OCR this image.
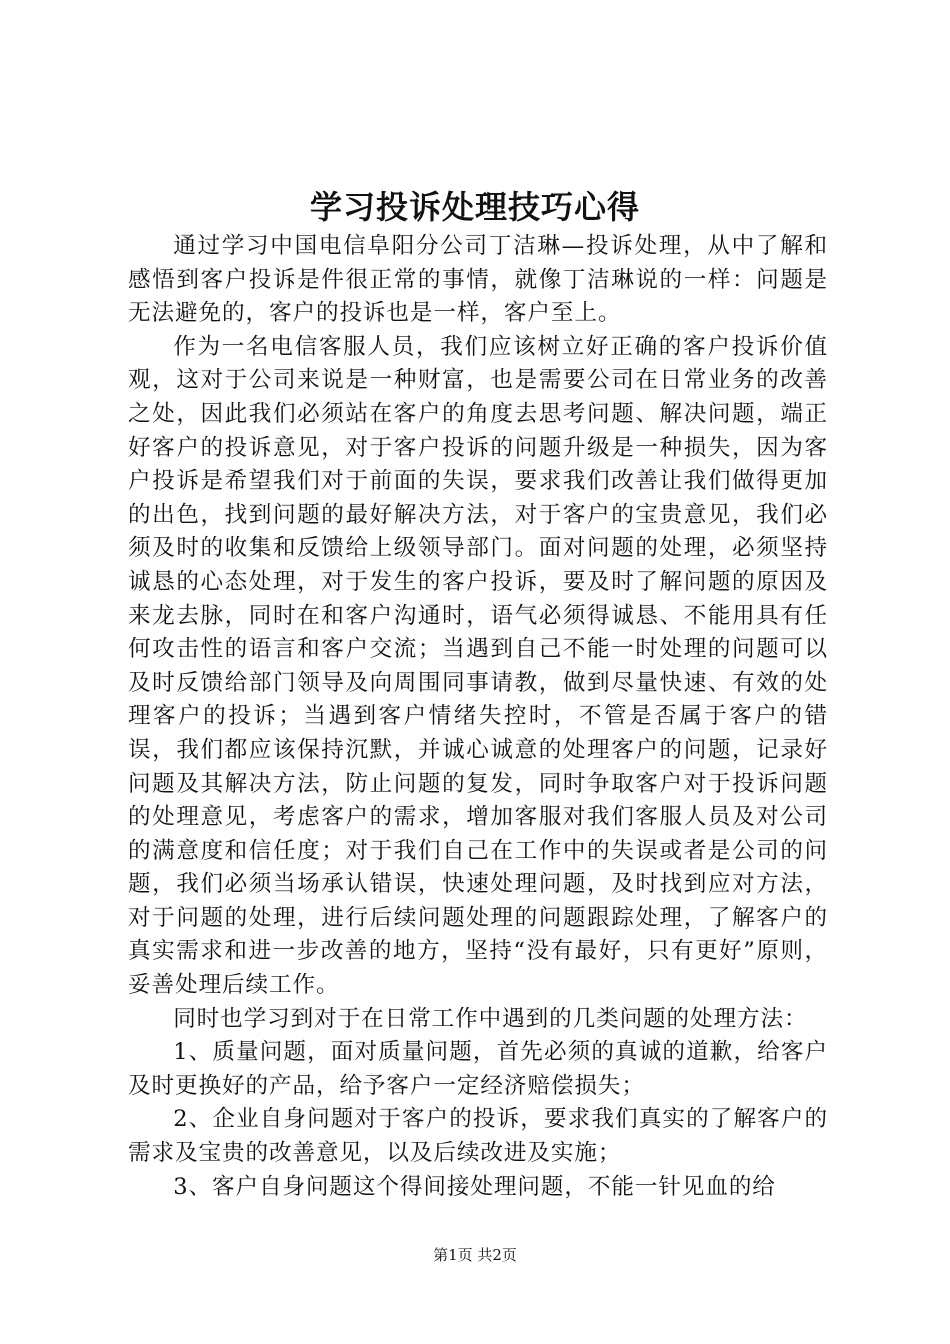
学习投诉处理技巧心得

通过学习中国电信阜阳分公司丁洁琳—投诉处理，从中了解和感悟到客户投诉是件很正常的事情，就像丁洁琳说的一样：问题是无法避免的，客户的投诉也是一样，客户至上。

作为一名电信客服人员，我们应该树立好正确的客户投诉价值观，这对于公司来说是一种财富，也是需要公司在日常业务的改善之处，因此我们必须站在客户的角度去思考问题、解决问题，端正好客户的投诉意见，对于客户投诉的问题升级是一种损失，因为客户投诉是希望我们对于前面的失误，要求我们改善让我们做得更加的出色，找到问题的最好解决方法，对于客户的宝贵意见，我们必须及时的收集和反馈给上级领导部门。面对问题的处理，必须坚持诚恳的心态处理，对于发生的客户投诉，要及时了解问题的原因及来龙去脉，同时在和客户沟通时，语气必须得诚恳、不能用具有任何攻击性的语言和客户交流；当遇到自己不能一时处理的问题可以及时反馈给部门领导及向周围同事请教，做到尽量快速、有效的处理客户的投诉；当遇到客户情绪失控时，不管是否属于客户的错误，我们都应该保持沉默，并诚心诚意的处理客户的问题，记录好问题及其解决方法，防止问题的复发，同时争取客户对于投诉问题的处理意见，考虑客户的需求，增加客服对我们客服人员及对公司的满意度和信任度；对于我们自己在工作中的失误或者是公司的问题，我们必须当场承认错误，快速处理问题，及时找到应对方法，对于问题的处理，进行后续问题处理的问题跟踪处理，了解客户的真实需求和进一步改善的地方，坚持“没有最好，只有更好”原则，妥善处理后续工作。

同时也学习到对于在日常工作中遇到的几类问题的处理方法：

1、质量问题，面对质量问题，首先必须的真诚的道歉，给客户及时更换好的产品，给予客户一定经济赔偿损失；

2、企业自身问题对于客户的投诉，要求我们真实的了解客户的需求及宝贵的改善意见，以及后续改进及实施；

3、客户自身问题这个得间接处理问题，不能一针见血的给

第1页 共2页
